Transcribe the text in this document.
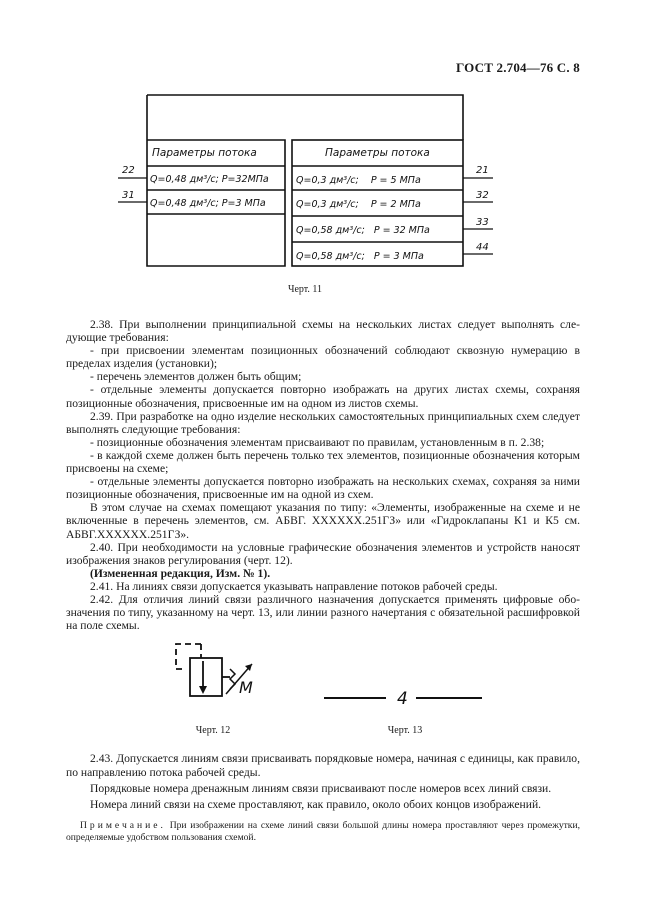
ГОСТ 2.704—76 С. 8
Параметры потока
Q=0,48 дм³/с; P=32МПа
Q=0,48 дм³/с; P=3 МПа
22
31
Параметры потока
Q=0,3 дм³/с;    P = 5 МПа
Q=0,3 дм³/с;    P = 2 МПа
Q=0,58 дм³/с;   P = 32 МПа
Q=0,58 дм³/с;   P = 3 МПа
21
32
33
44
Черт. 11

2.38. При выполнении принципиальной схемы на нескольких листах следует выполнять следующие требования:

- при присвоении элементам позиционных обозначений соблюдают сквозную нумерацию в пределах изделия (установки);

- перечень элементов должен быть общим;

- отдельные элементы допускается повторно изображать на других листах схемы, сохраняя позиционные обозначения, присвоенные им на одном из листов схемы.

2.39. При разработке на одно изделие нескольких самостоятельных принципиальных схем следует выполнять следующие требования:

- позиционные обозначения элементам присваивают по правилам, установленным в п. 2.38;

- в каждой схеме должен быть перечень только тех элементов, позиционные обозначения которым присвоены на схеме;

- отдельные элементы допускается повторно изображать на нескольких схемах, сохраняя за ними позиционные обозначения, присвоенные им на одной из схем.

В этом случае на схемах помещают указания по типу: «Элементы, изображенные на схеме и не включенные в перечень элементов, см. АБВГ. ХХХХХХ.251ГЗ» или «Гидроклапаны К1 и К5 см. АБВГ.ХХХХХХ.251ГЗ».

2.40. При необходимости на условные графические обозначения элементов и устройств наносят изображения знаков регулирования (черт. 12).

(Измененная редакция, Изм. № 1).

2.41. На линиях связи допускается указывать направление потоков рабочей среды.

2.42. Для отличия линий связи различного назначения допускается применять цифровые обозначения по типу, указанному на черт. 13, или линии разного начертания с обязательной расшифровкой на поле схемы.

М
Черт. 12
4
Черт. 13

2.43. Допускается линиям связи присваивать порядковые номера, начиная с единицы, как правило, по направлению потока рабочей среды.

Порядковые номера дренажным линиям связи присваивают после номеров всех линий связи.

Номера линий связи на схеме проставляют, как правило, около обоих концов изображений.

Примечание. При изображении на схеме линий связи большой длины номера проставляют через промежутки, определяемые удобством пользования схемой.
